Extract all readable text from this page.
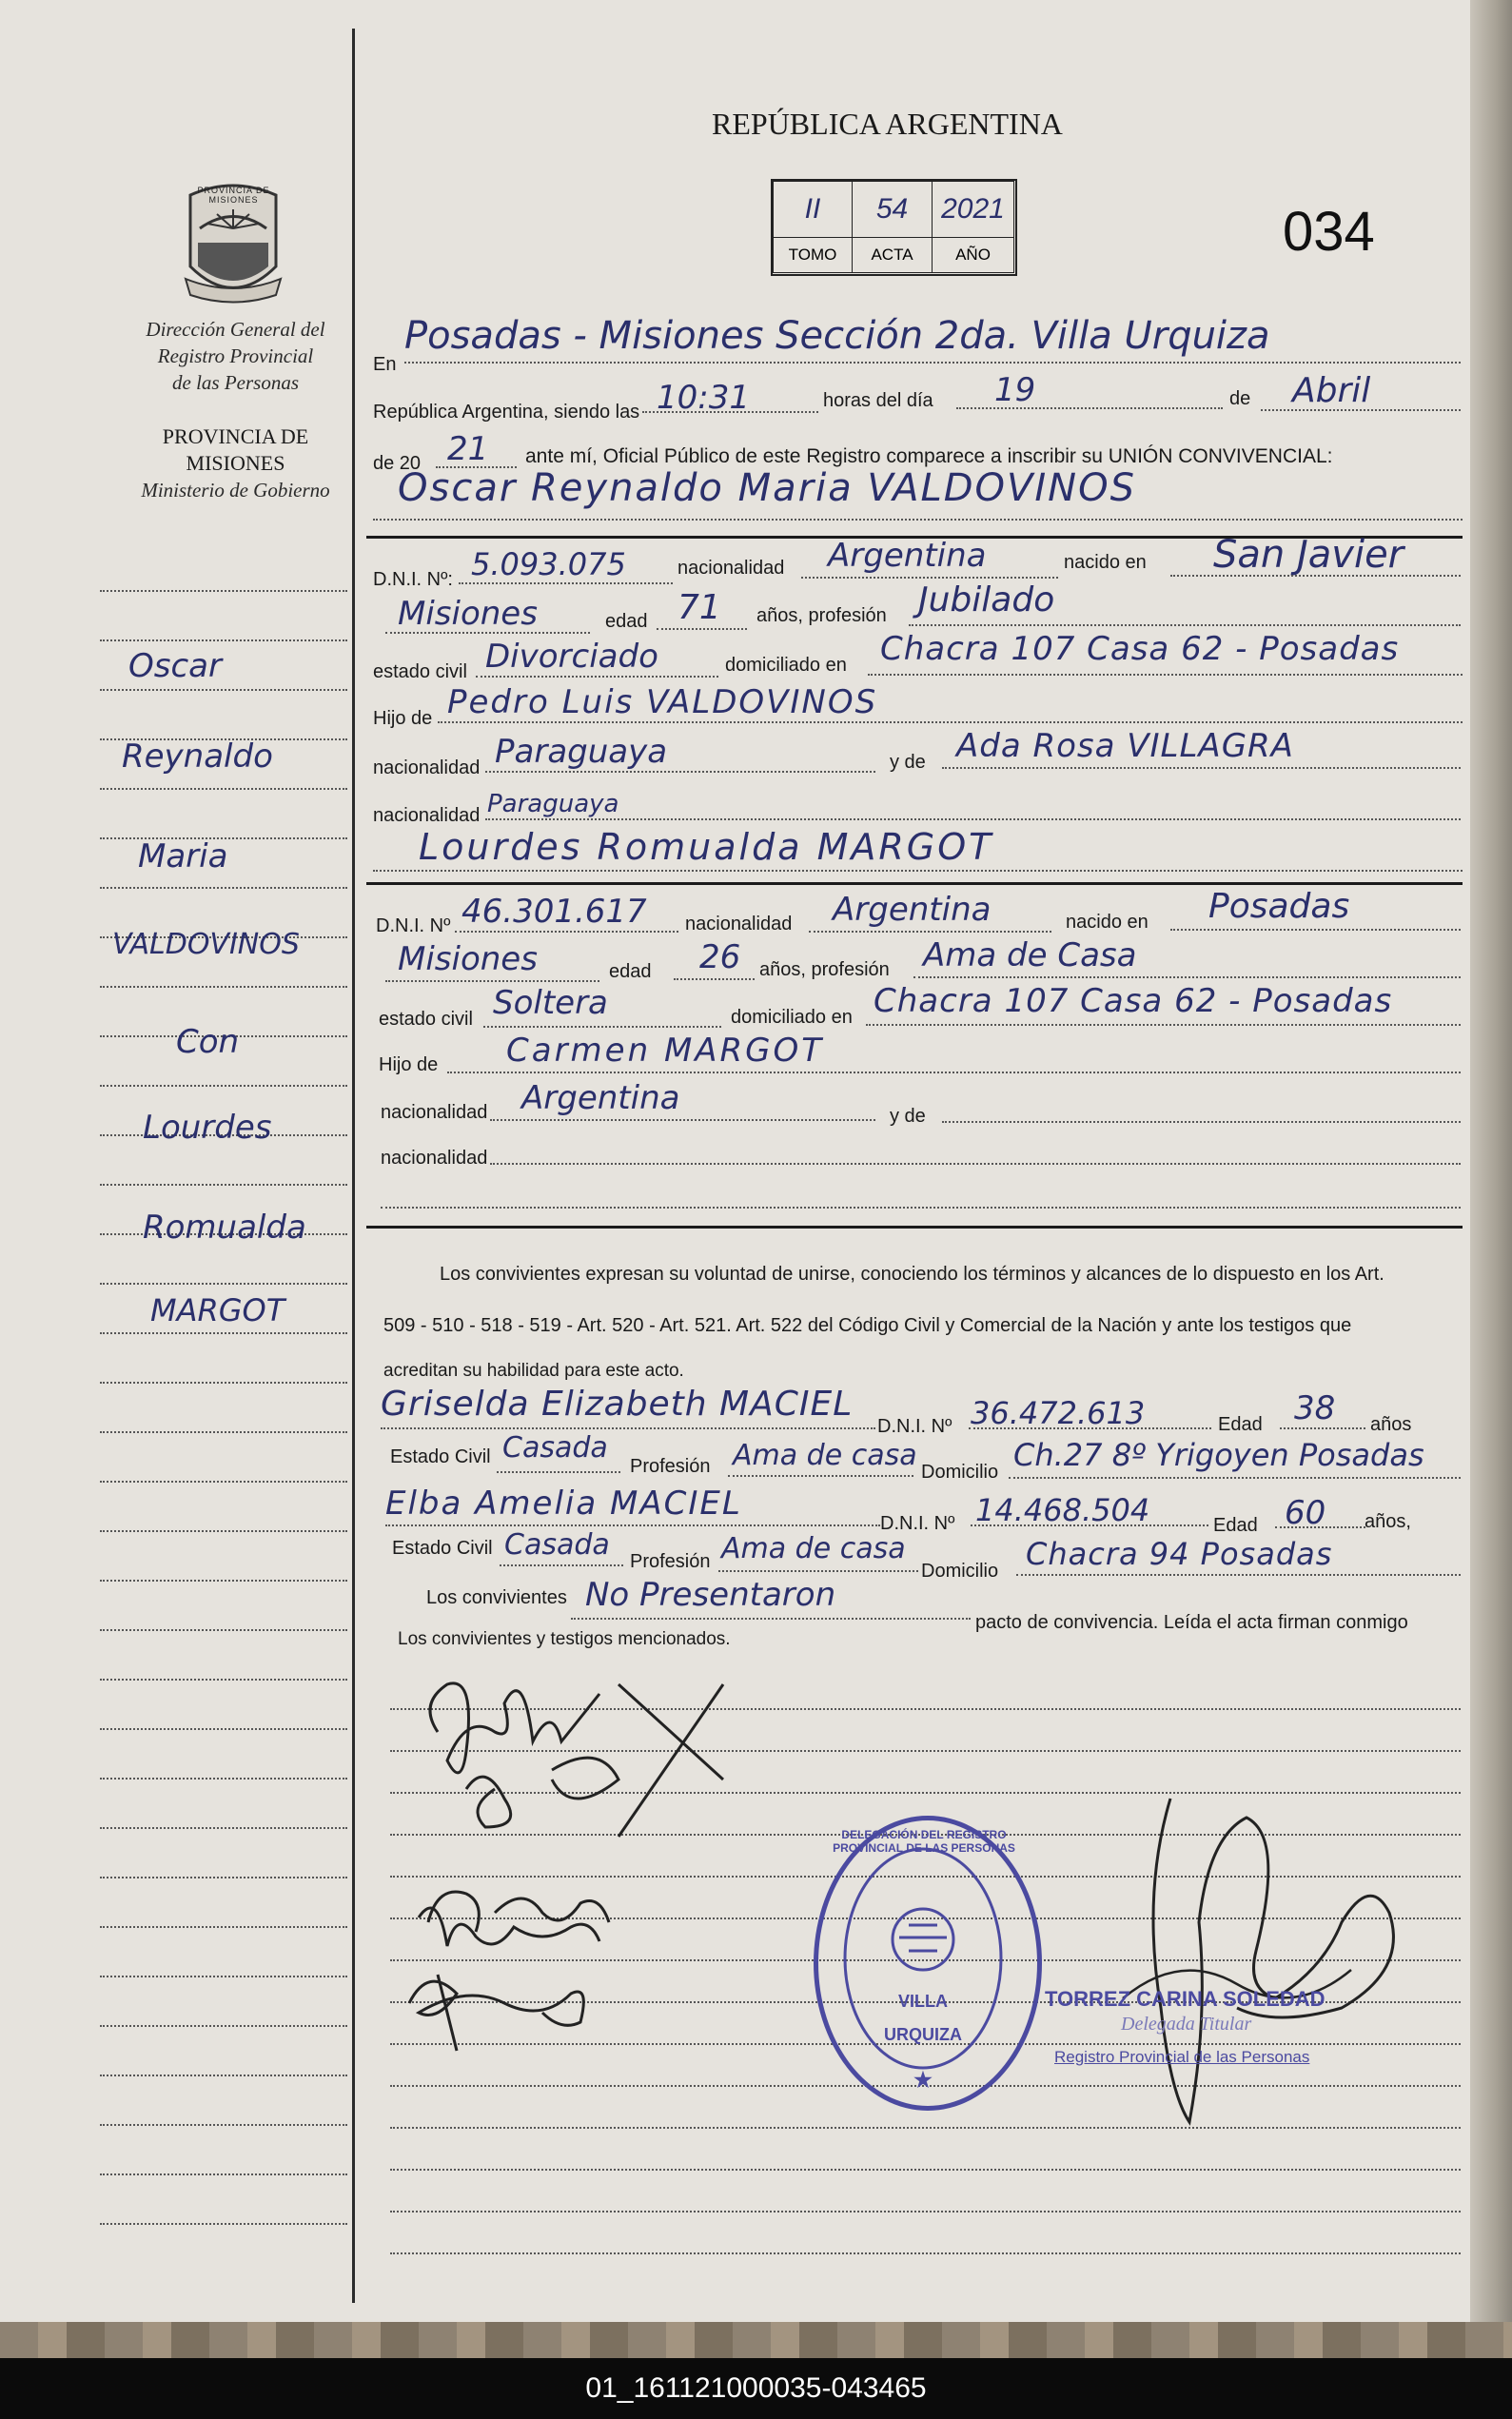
REPÚBLICA ARGENTINA
II	54	2021
TOMO	ACTA	AÑO	034
PROVINCIA DE MISIONES
Dirección General del
Registro Provincial
de las Personas
PROVINCIA DE
MISIONES
Ministerio de Gobierno
Oscar
Reynaldo
Maria
VALDOVINOS
Con
Lourdes
Romualda
MARGOT
En
Posadas - Misiones Sección 2da. Villa Urquiza
República Argentina, siendo las 10:31	horas del día 19	de Abril
de 20 21 ante mí, Oficial Público de este Registro comparece a inscribir su UNIÓN CONVIVENCIAL:
Oscar Reynaldo Maria VALDOVINOS
D.N.I. Nº: 5.093.075	nacionalidad Argentina	nacido en San Javier
Misiones	edad 71 años, profesión Jubilado
estado civil Divorciado	domiciliado en Chacra 107 Casa 62 - Posadas
Hijo de Pedro Luis VALDOVINOS
nacionalidad Paraguaya	y de Ada Rosa VILLAGRA
nacionalidad Paraguaya
Lourdes Romualda MARGOT
D.N.I. Nº 46.301.617 nacionalidad Argentina	nacido en Posadas
Misiones	edad 26 años, profesión Ama de Casa
estado civil Soltera	domiciliado en Chacra 107 Casa 62 - Posadas
Hijo de Carmen MARGOT
nacionalidad Argentina	y de
nacionalidad
Los convivientes expresan su voluntad de unirse, conociendo los términos y alcances de lo dispuesto en los Art.
509 - 510 - 518 - 519 - Art. 520 - Art. 521. Art. 522 del Código Civil y Comercial de la Nación y ante los testigos que
acreditan su habilidad para este acto.
Griselda Elizabeth MACIEL
D.N.I. Nº 36.472.613	Edad 38 años
Estado Civil Casada
Profesión Ama de casa Domicilio Ch.27 8º Yrigoyen Posadas
Elba Amelia MACIEL
D.N.I. Nº 14.468.504	Edad 60 años,
Estado Civil Casada Profesión Ama de casa
Domicilio Chacra 94 Posadas
Los convivientes No Presentaron
pacto de convivencia. Leída el acta firman conmigo
Los convivientes y testigos mencionados.
★
DELEGACIÓN DEL REGISTRO PROVINCIAL DE LAS PERSONAS
VILLA
URQUIZA
TORREZ CARINA SOLEDAD
Delegada Titular
Registro Provincial de las Personas
01_161121000035-043465
